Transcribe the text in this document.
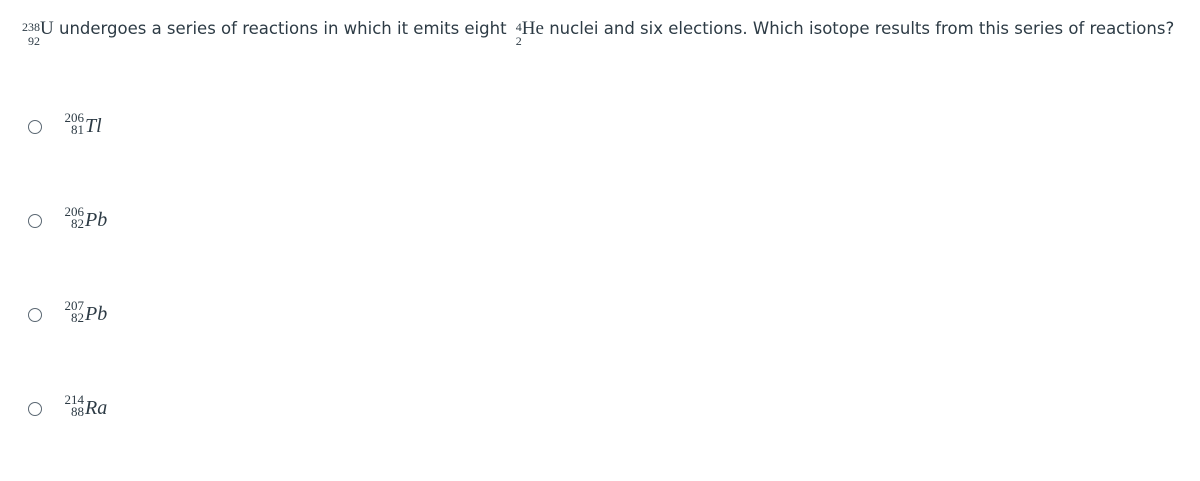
238
92
U undergoes a series of reactions in which it emits eight 4
2
He nuclei and six elections. Which isotope results from this series of reactions?
206
81 Tl
206
82 Pb
207
82 Pb
214
88 Ra
